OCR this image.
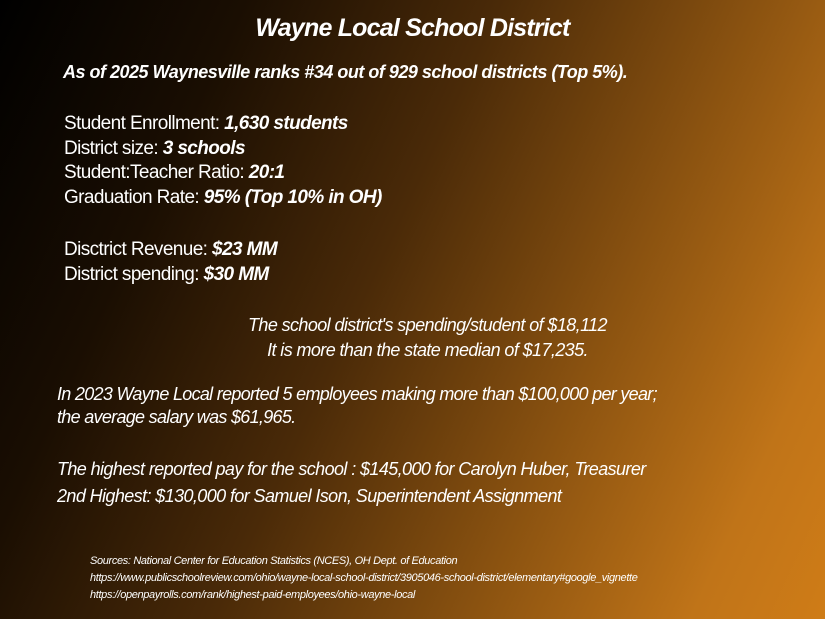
Wayne Local School District
As of 2025 Waynesville ranks #34 out of 929 school districts (Top 5%).
Student Enrollment: 1,630 students
District size: 3 schools
Student:Teacher Ratio: 20:1
Graduation Rate: 95% (Top 10% in OH)
Disctrict Revenue: $23 MM
District spending: $30 MM
The school district's spending/student of $18,112
It is more than the state median of $17,235.
In 2023 Wayne Local reported 5 employees making more than $100,000 per year;
the average salary was $61,965.
The highest reported pay for the school : $145,000 for Carolyn Huber, Treasurer
2nd Highest: $130,000 for Samuel Ison, Superintendent Assignment
Sources: National Center for Education Statistics (NCES), OH Dept. of Education
https://www.publicschoolreview.com/ohio/wayne-local-school-district/3905046-school-district/elementary#google_vignette
https://openpayrolls.com/rank/highest-paid-employees/ohio-wayne-local
